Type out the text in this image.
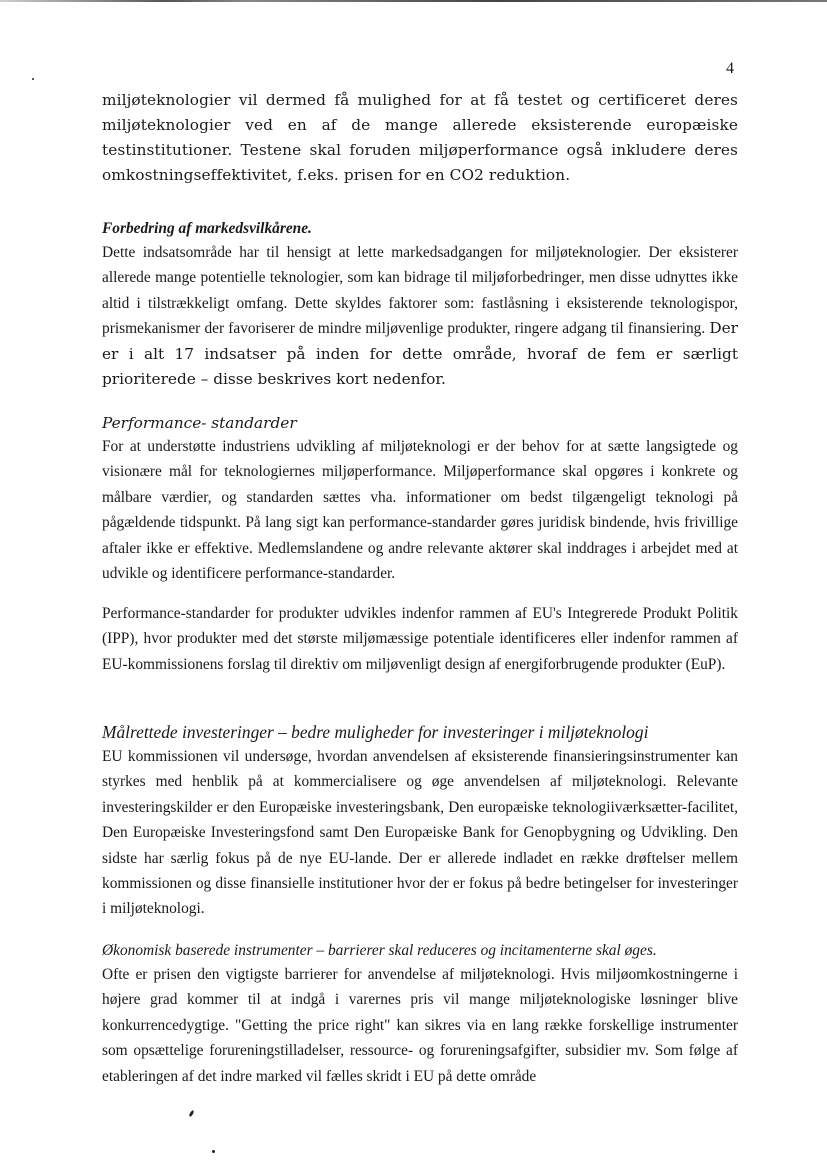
4

miljøteknologier vil dermed få mulighed for at få testet og certificeret deres miljøteknologier ved en af de mange allerede eksisterende europæiske testinstitutioner. Testene skal foruden miljøperformance også inkludere deres omkostningseffektivitet, f.eks. prisen for en CO2 reduktion.

Forbedring af markedsvilkårene.

Dette indsatsområde har til hensigt at lette markedsadgangen for miljøteknologier. Der eksisterer allerede mange potentielle teknologier, som kan bidrage til miljøforbedringer, men disse udnyttes ikke altid i tilstrækkeligt omfang. Dette skyldes faktorer som: fastlåsning i eksisterende teknologispor, prismekanismer der favoriserer de mindre miljøvenlige produkter, ringere adgang til finansiering. Der er i alt 17 indsatser på inden for dette område, hvoraf de fem er særligt prioriterede – disse beskrives kort nedenfor.

Performance- standarder

For at understøtte industriens udvikling af miljøteknologi er der behov for at sætte langsigtede og visionære mål for teknologiernes miljøperformance. Miljøperformance skal opgøres i konkrete og målbare værdier, og standarden sættes vha. informationer om bedst tilgængeligt teknologi på pågældende tidspunkt. På lang sigt kan performance-standarder gøres juridisk bindende, hvis frivillige aftaler ikke er effektive. Medlemslandene og andre relevante aktører skal inddrages i arbejdet med at udvikle og identificere performance-standarder.

Performance-standarder for produkter udvikles indenfor rammen af EU's Integrerede Produkt Politik (IPP), hvor produkter med det største miljømæssige potentiale identificeres eller indenfor rammen af EU-kommissionens forslag til direktiv om miljøvenligt design af energiforbrugende produkter (EuP).

Målrettede investeringer – bedre muligheder for investeringer i miljøteknologi

EU kommissionen vil undersøge, hvordan anvendelsen af eksisterende finansieringsinstrumenter kan styrkes med henblik på at kommercialisere og øge anvendelsen af miljøteknologi. Relevante investeringskilder er den Europæiske investeringsbank, Den europæiske teknologiiværksætter-facilitet, Den Europæiske Investeringsfond samt Den Europæiske Bank for Genopbygning og Udvikling. Den sidste har særlig fokus på de nye EU-lande. Der er allerede indladet en række drøftelser mellem kommissionen og disse finansielle institutioner hvor der er fokus på bedre betingelser for investeringer i miljøteknologi.

Økonomisk baserede instrumenter – barrierer skal reduceres og incitamenterne skal øges.

Ofte er prisen den vigtigste barrierer for anvendelse af miljøteknologi. Hvis miljøomkostningerne i højere grad kommer til at indgå i varernes pris vil mange miljøteknologiske løsninger blive konkurrencedygtige. "Getting the price right" kan sikres via en lang række forskellige instrumenter som opsættelige forureningstilladelser, ressource- og forureningsafgifter, subsidier mv. Som følge af etableringen af det indre marked vil fælles skridt i EU på dette område
